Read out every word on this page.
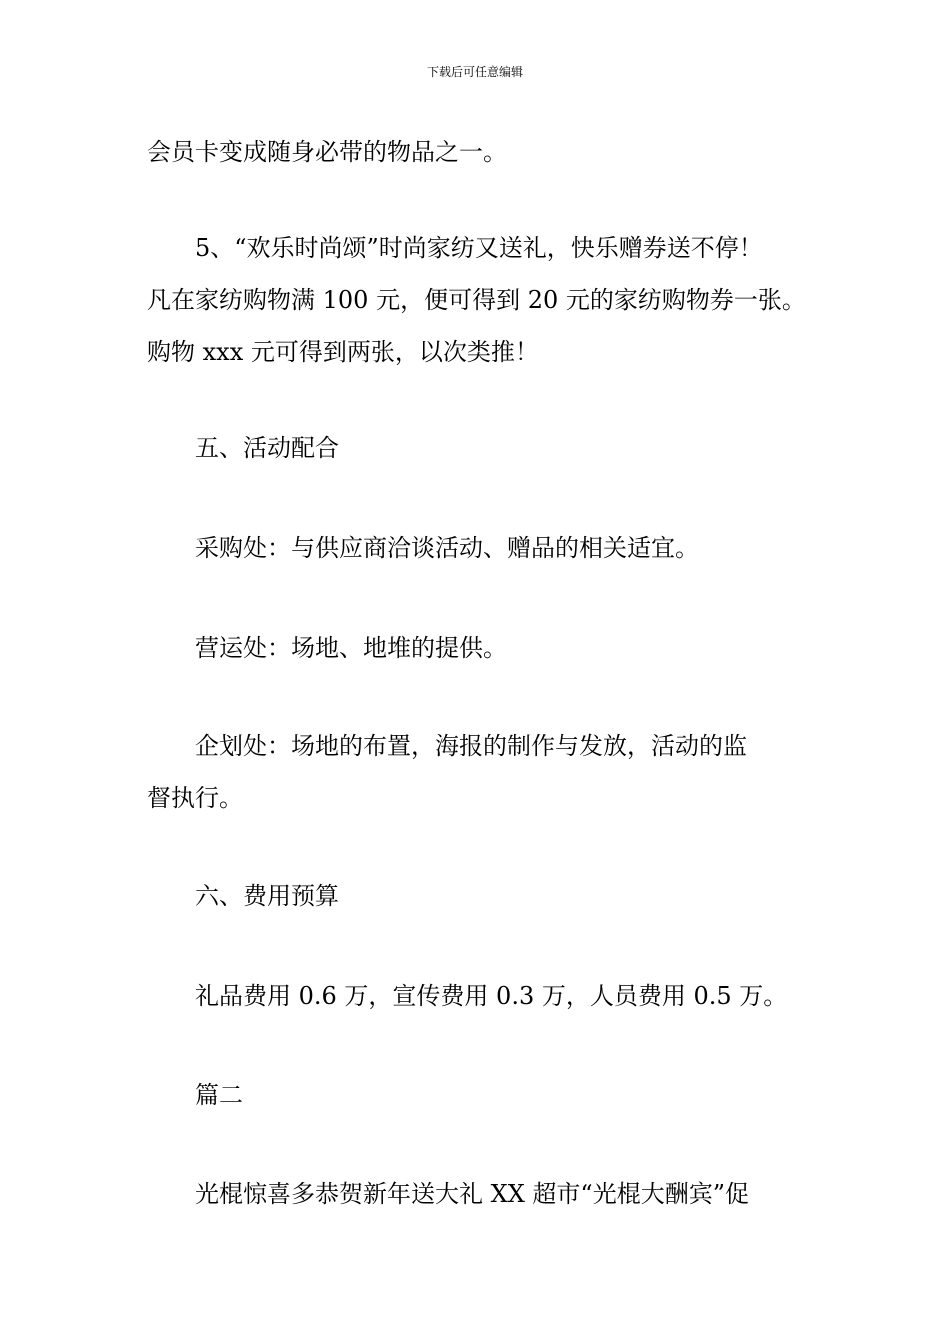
下载后可任意编辑
会员卡变成随身必带的物品之一。
5、“欢乐时尚颂”时尚家纺又送礼，快乐赠券送不停！
凡在家纺购物满 100 元，便可得到 20 元的家纺购物券一张。
购物 xxx 元可得到两张，以次类推！
五、活动配合
采购处：与供应商洽谈活动、赠品的相关适宜。
营运处：场地、地堆的提供。
企划处：场地的布置，海报的制作与发放，活动的监
督执行。
六、费用预算
礼品费用 0.6 万，宣传费用 0.3 万，人员费用 0.5 万。
篇二
光棍惊喜多恭贺新年送大礼 XX 超市“光棍大酬宾”促
